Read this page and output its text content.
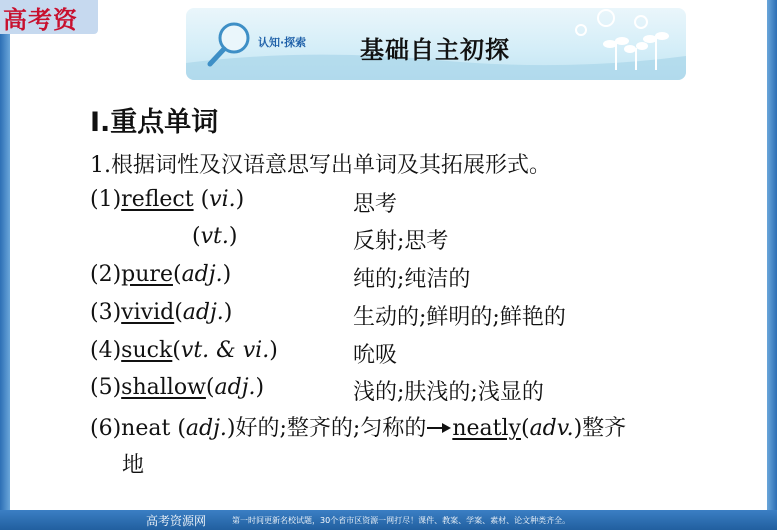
高考资
认知·探索 基础自主初探
Ⅰ.重点单词
1.根据词性及汉语意思写出单词及其拓展形式。
(1)reflect (vi.)	思考
(vt.)	反射;思考
(2)pure(adj.)	纯的;纯洁的
(3)vivid(adj.)	生动的;鲜明的;鲜艳的
(4)suck(vt. & vi.)	吮吸
(5)shallow(adj.)	浅的;肤浅的;浅显的
(6)neat (adj.)好的;整齐的;匀称的 neatly(adv.)整齐
地
高考资源网	第一时间更新名校试题，30个省市区资源一网打尽！课件、教案、学案、素材、论文种类齐全。
